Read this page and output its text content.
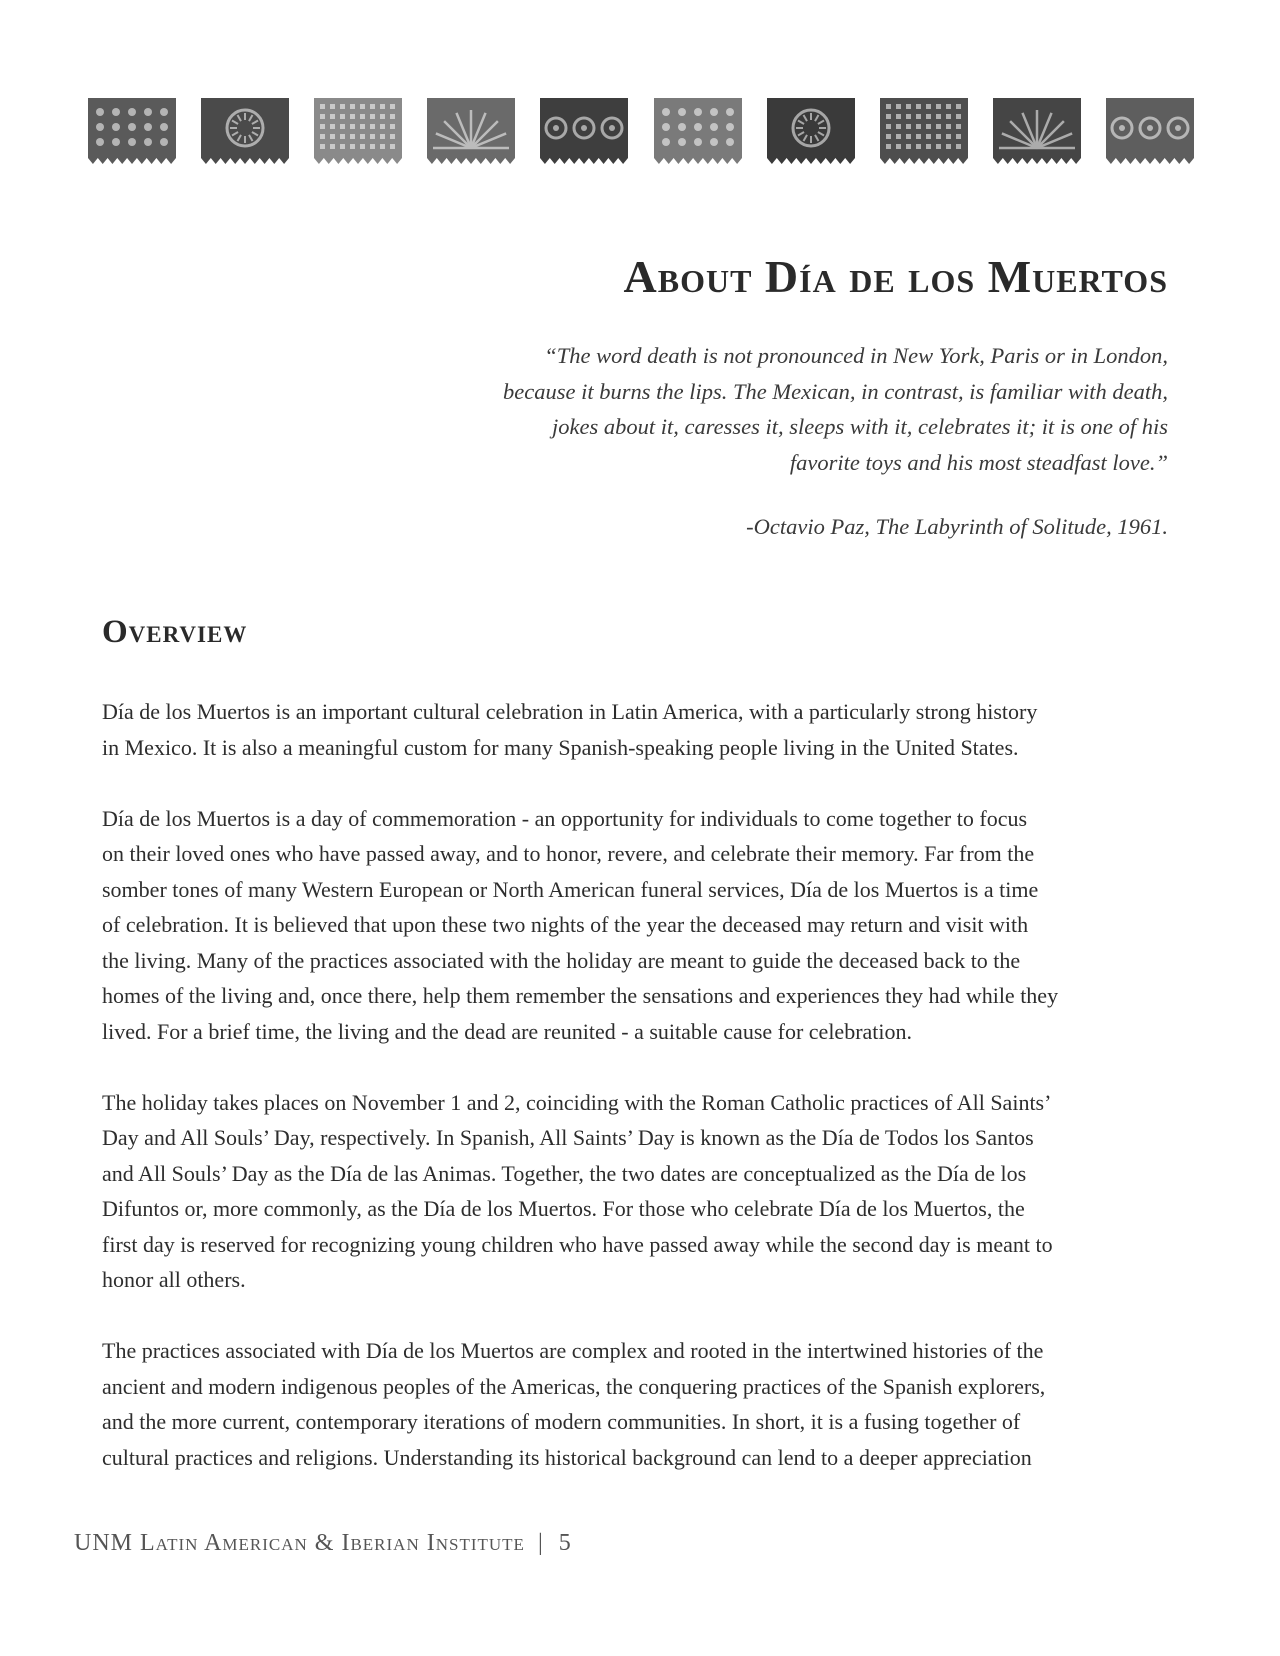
About Día de los Muertos

“The word death is not pronounced in New York, Paris or in London,
because it burns the lips. The Mexican, in contrast, is familiar with death,
jokes about it, caresses it, sleeps with it, celebrates it; it is one of his
favorite toys and his most steadfast love.”

-Octavio Paz, The Labyrinth of Solitude, 1961.

Overview

Día de los Muertos is an important cultural celebration in Latin America, with a particularly strong history
in Mexico. It is also a meaningful custom for many Spanish-speaking people living in the United States.

Día de los Muertos is a day of commemoration - an opportunity for individuals to come together to focus
on their loved ones who have passed away, and to honor, revere, and celebrate their memory. Far from the
somber tones of many Western European or North American funeral services, Día de los Muertos is a time
of celebration. It is believed that upon these two nights of the year the deceased may return and visit with
the living. Many of the practices associated with the holiday are meant to guide the deceased back to the
homes of the living and, once there, help them remember the sensations and experiences they had while they
lived. For a brief time, the living and the dead are reunited - a suitable cause for celebration.

The holiday takes places on November 1 and 2, coinciding with the Roman Catholic practices of All Saints’
Day and All Souls’ Day, respectively. In Spanish, All Saints’ Day is known as the Día de Todos los Santos
and All Souls’ Day as the Día de las Animas. Together, the two dates are conceptualized as the Día de los
Difuntos or, more commonly, as the Día de los Muertos. For those who celebrate Día de los Muertos, the
first day is reserved for recognizing young children who have passed away while the second day is meant to
honor all others.

The practices associated with Día de los Muertos are complex and rooted in the intertwined histories of the
ancient and modern indigenous peoples of the Americas, the conquering practices of the Spanish explorers,
and the more current, contemporary iterations of modern communities. In short, it is a fusing together of
cultural practices and religions. Understanding its historical background can lend to a deeper appreciation

UNM Latin American & Iberian Institute | 5
